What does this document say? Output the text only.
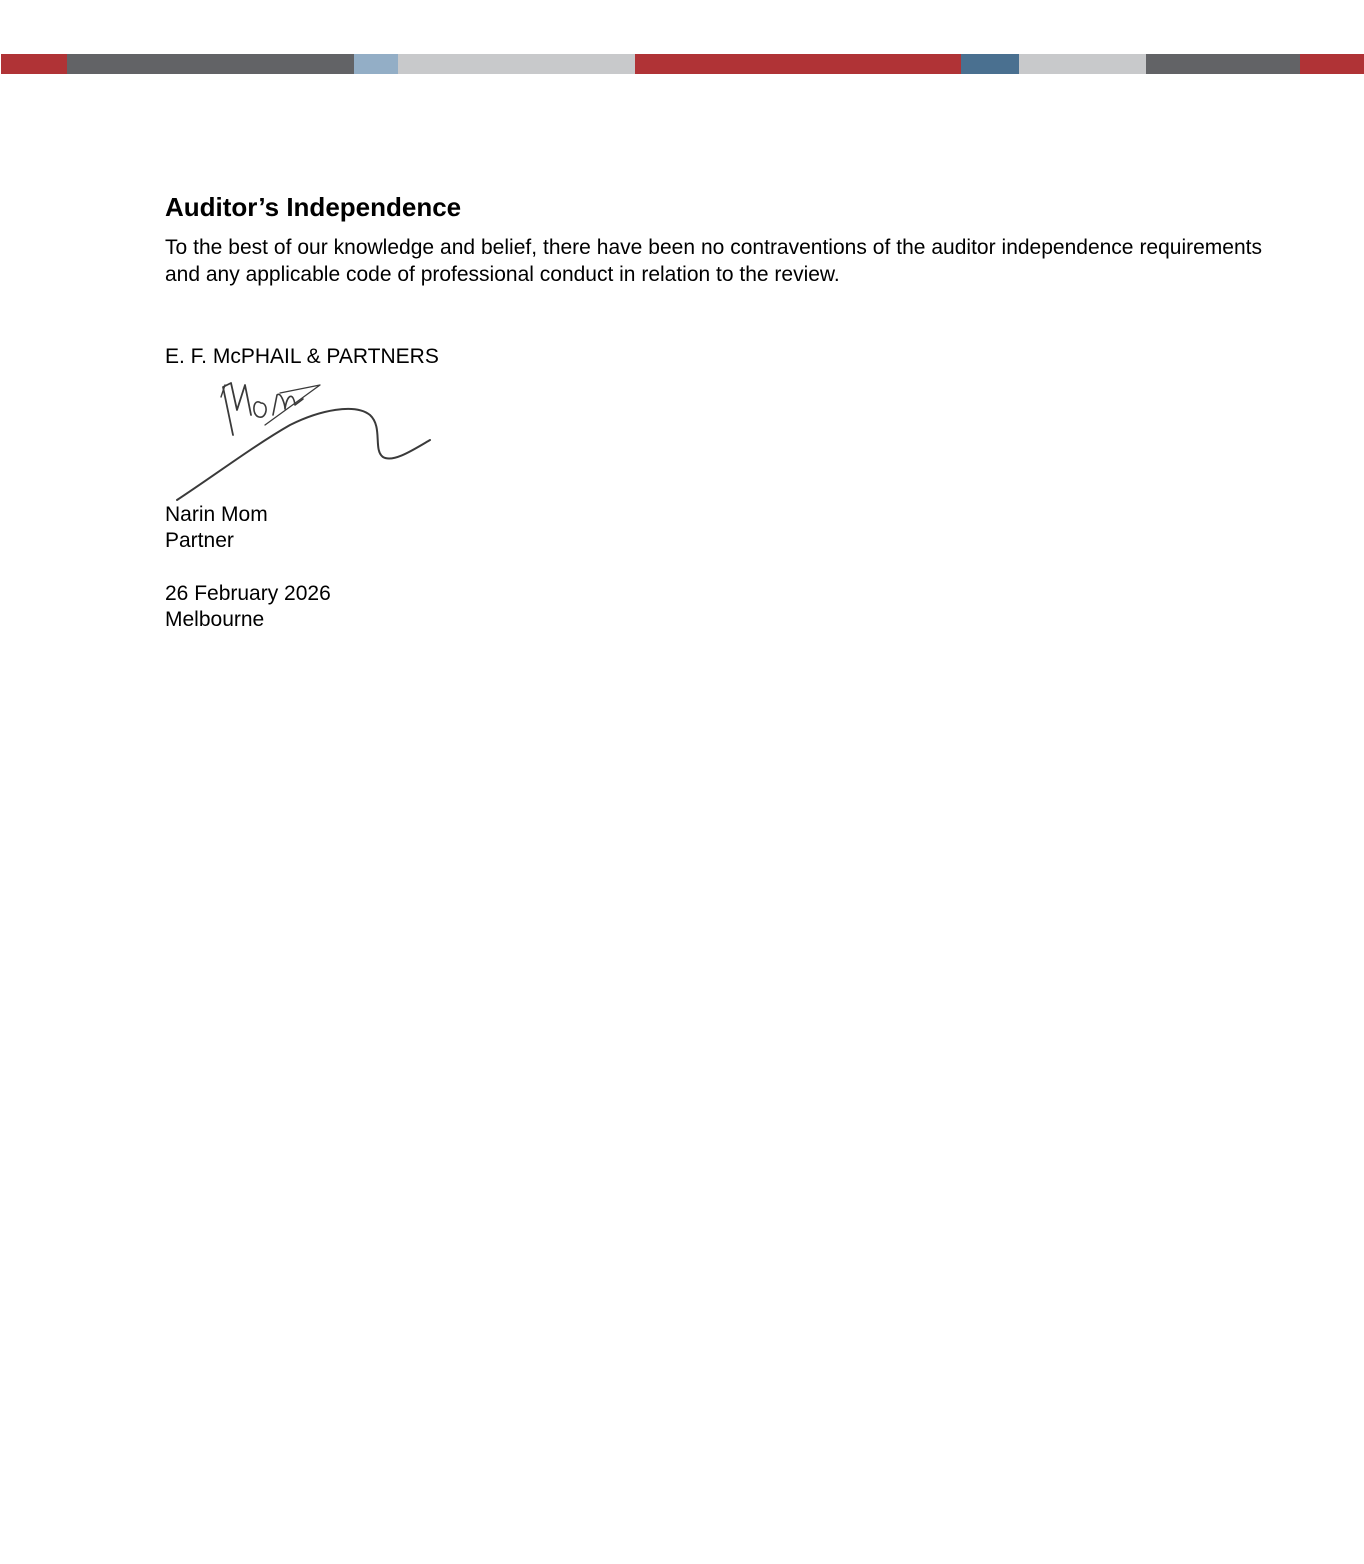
Auditor’s Independence

To the best of our knowledge and belief, there have been no contraventions of the auditor independence requirements and any applicable code of professional conduct in relation to the review.

E. F. McPHAIL & PARTNERS
Narin Mom
Partner
26 February 2026
Melbourne
